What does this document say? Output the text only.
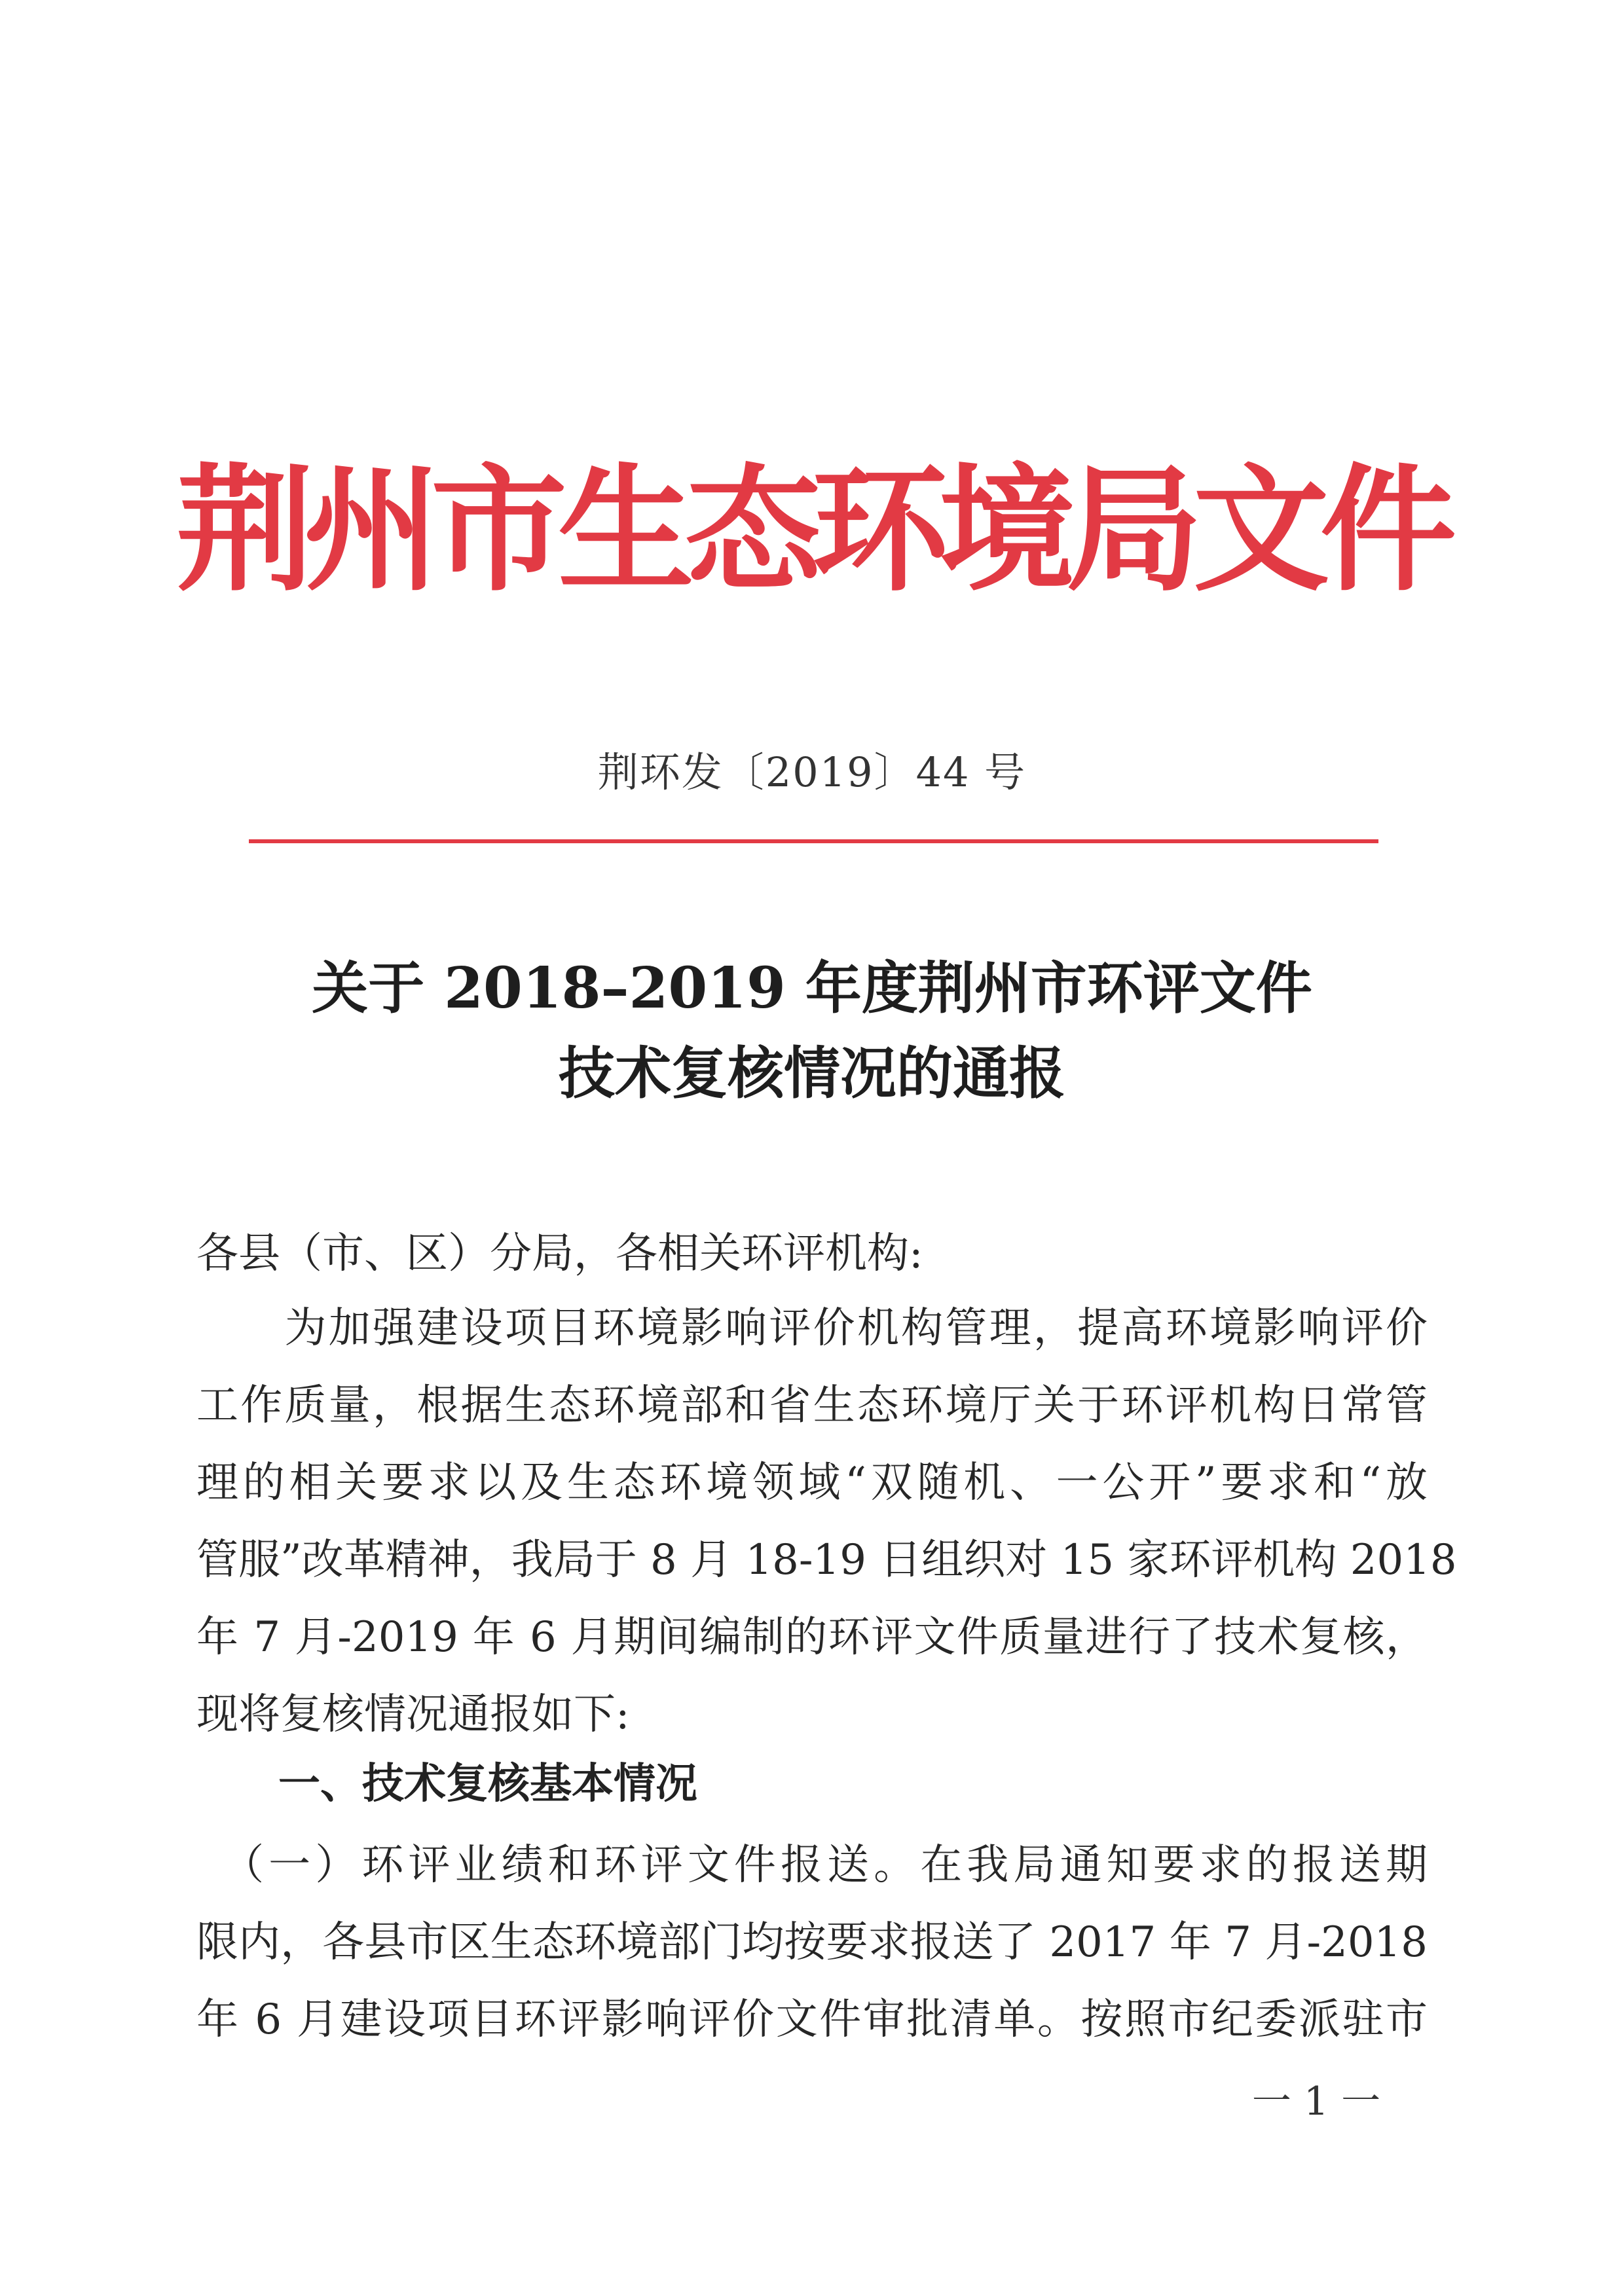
荆州市生态环境局文件
荆环发〔2019〕44 号
关于 2018–2019 年度荆州市环评文件
技术复核情况的通报
各县（市、区）分局，各相关环评机构:
　　为加强建设项目环境影响评价机构管理，提高环境影响评价
工作质量，根据生态环境部和省生态环境厅关于环评机构日常管
理的相关要求以及生态环境领域“双随机、一公开”要求和“放
管服”改革精神，我局于 8 月 18-19 日组织对 15 家环评机构 2018
年 7 月-2019 年 6 月期间编制的环评文件质量进行了技术复核，
现将复核情况通报如下:
一、技术复核基本情况
　（一）环评业绩和环评文件报送。在我局通知要求的报送期
限内，各县市区生态环境部门均按要求报送了 2017 年 7 月-2018
年 6 月建设项目环评影响评价文件审批清单。按照市纪委派驻市
一 1 一
